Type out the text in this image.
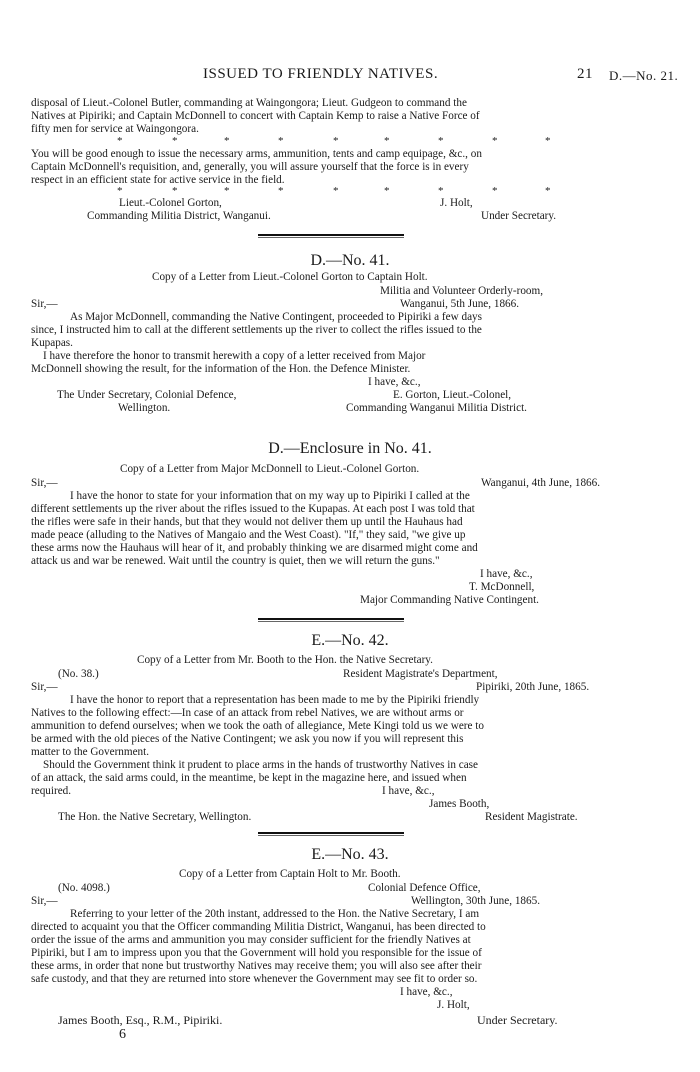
ISSUED TO FRIENDLY NATIVES.	21 D.—No. 21.
disposal of Lieut.-Colonel Butler, commanding at Waingongora; Lieut. Gudgeon to command the
Natives at Pipiriki; and Captain McDonnell to concert with Captain Kemp to raise a Native Force of
fifty men for service at Waingongora.
*	*	*	*	*	*	*	*	*
You will be good enough to issue the necessary arms, ammunition, tents and camp equipage, &c., on
Captain McDonnell's requisition, and, generally, you will assure yourself that the force is in every
respect in an efficient state for active service in the field.
*	*	*	*	*	*	*	*	*
Lieut.-Colonel Gorton,	J. Holt,
Commanding Militia District, Wanganui.	Under Secretary.
D.—No. 41.
Copy of a Letter from Lieut.-Colonel Gorton to Captain Holt.
Militia and Volunteer Orderly-room,
Sir,—	Wanganui, 5th June, 1866.
As Major McDonnell, commanding the Native Contingent, proceeded to Pipiriki a few days
since, I instructed him to call at the different settlements up the river to collect the rifles issued to the
Kupapas.
I have therefore the honor to transmit herewith a copy of a letter received from Major
McDonnell showing the result, for the information of the Hon. the Defence Minister.
I have, &c.,
The Under Secretary, Colonial Defence,	E. Gorton, Lieut.-Colonel,
Wellington.	Commanding Wanganui Militia District.
D.—Enclosure in No. 41.
Copy of a Letter from Major McDonnell to Lieut.-Colonel Gorton.
Sir,—	Wanganui, 4th June, 1866.
I have the honor to state for your information that on my way up to Pipiriki I called at the
different settlements up the river about the rifles issued to the Kupapas. At each post I was told that
the rifles were safe in their hands, but that they would not deliver them up until the Hauhaus had
made peace (alluding to the Natives of Mangaio and the West Coast). "If," they said, "we give up
these arms now the Hauhaus will hear of it, and probably thinking we are disarmed might come and
attack us and war be renewed. Wait until the country is quiet, then we will return the guns."
I have, &c.,
T. McDonnell,
Major Commanding Native Contingent.
E.—No. 42.
Copy of a Letter from Mr. Booth to the Hon. the Native Secretary.
(No. 38.)	Resident Magistrate's Department,
Sir,—	Pipiriki, 20th June, 1865.
I have the honor to report that a representation has been made to me by the Pipiriki friendly
Natives to the following effect:—In case of an attack from rebel Natives, we are without arms or
ammunition to defend ourselves; when we took the oath of allegiance, Mete Kingi told us we were to
be armed with the old pieces of the Native Contingent; we ask you now if you will represent this
matter to the Government.
Should the Government think it prudent to place arms in the hands of trustworthy Natives in case
of an attack, the said arms could, in the meantime, be kept in the magazine here, and issued when
required.	I have, &c.,
James Booth,
The Hon. the Native Secretary, Wellington.	Resident Magistrate.
E.—No. 43.
Copy of a Letter from Captain Holt to Mr. Booth.
(No. 4098.)	Colonial Defence Office,
Sir,—	Wellington, 30th June, 1865.
Referring to your letter of the 20th instant, addressed to the Hon. the Native Secretary, I am
directed to acquaint you that the Officer commanding Militia District, Wanganui, has been directed to
order the issue of the arms and ammunition you may consider sufficient for the friendly Natives at
Pipiriki, but I am to impress upon you that the Government will hold you responsible for the issue of
these arms, in order that none but trustworthy Natives may receive them; you will also see after their
safe custody, and that they are returned into store whenever the Government may see fit to order so.
I have, &c.,
J. Holt,
James Booth, Esq., R.M., Pipiriki.	Under Secretary.
6
